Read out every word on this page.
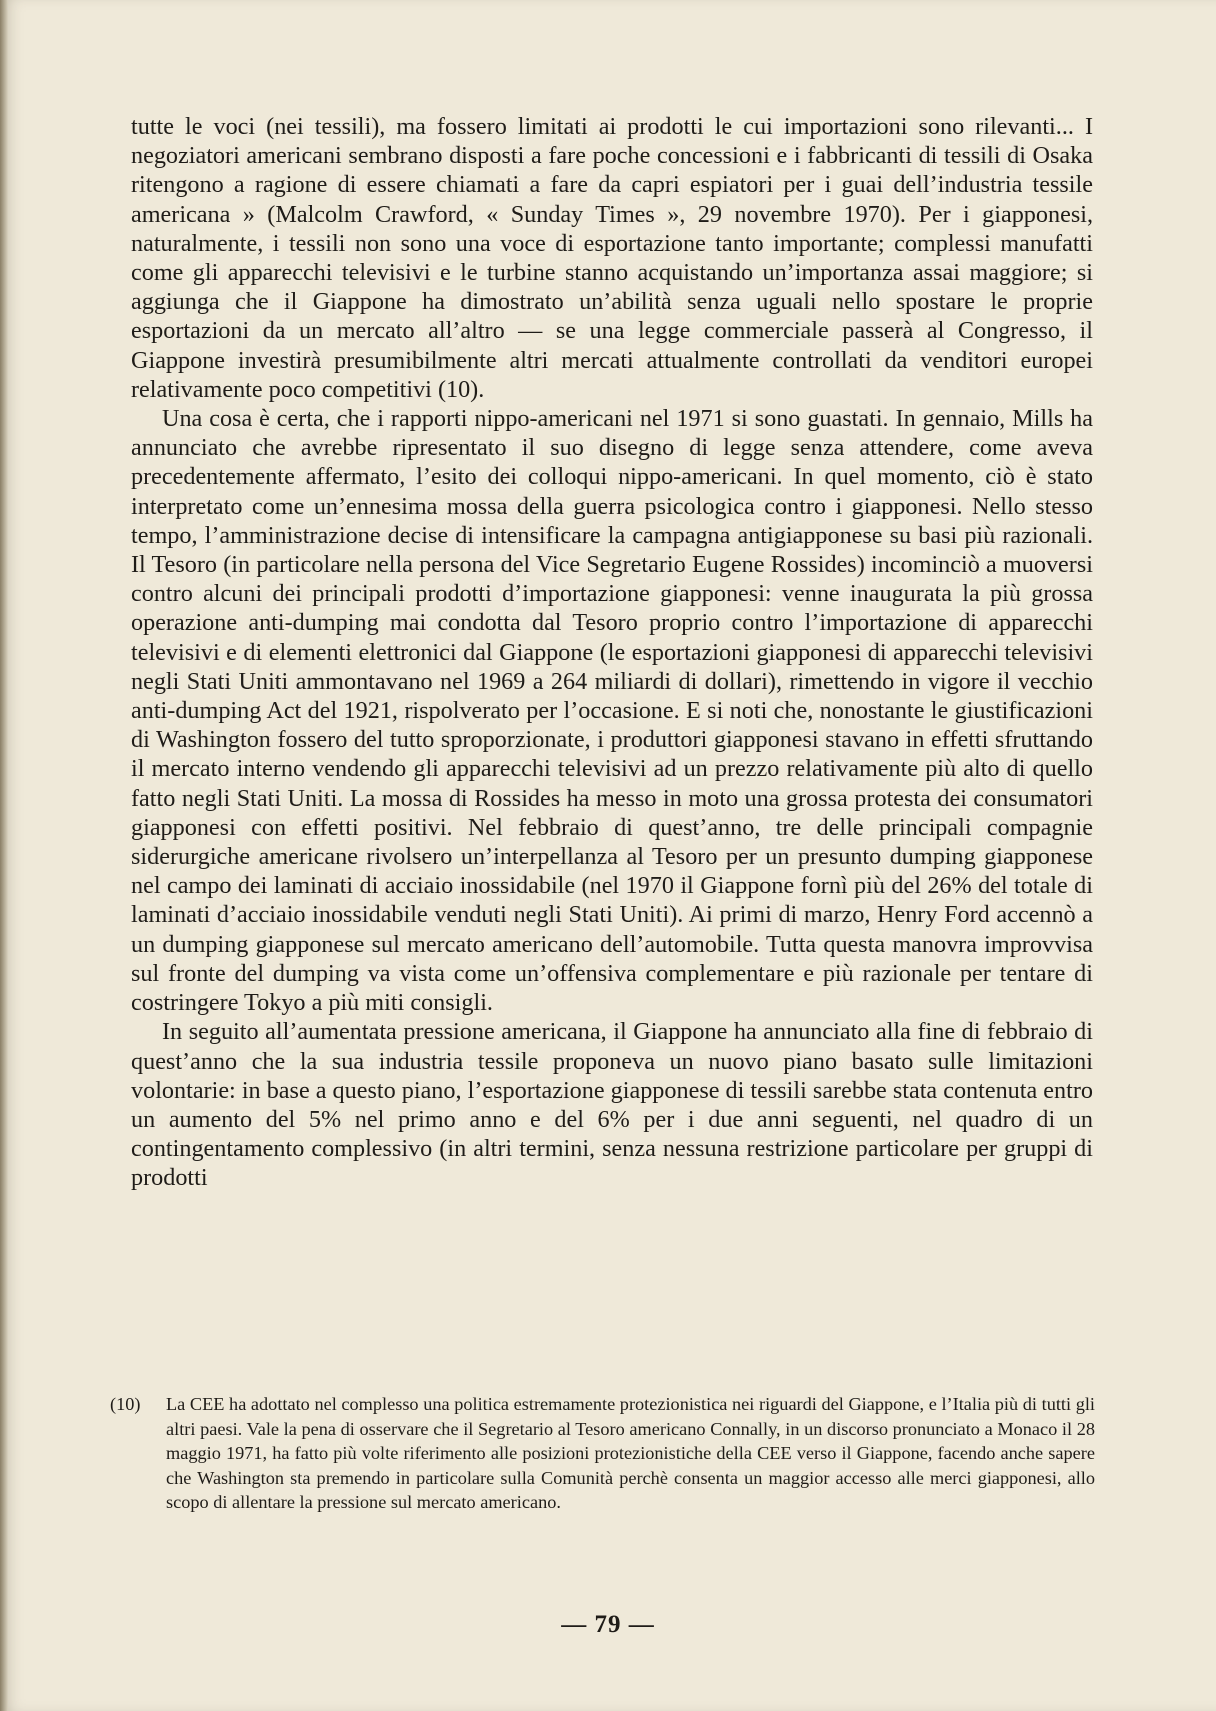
tutte le voci (nei tessili), ma fossero limitati ai prodotti le cui importazioni sono rilevanti... I negoziatori americani sembrano disposti a fare poche concessioni e i fabbricanti di tessili di Osaka ritengono a ragione di essere chiamati a fare da capri espiatori per i guai dell’industria tessile americana » (Malcolm Crawford, « Sunday Times », 29 novembre 1970). Per i giapponesi, naturalmente, i tessili non sono una voce di esportazione tanto importante; complessi manufatti come gli apparecchi televisivi e le turbine stanno acquistando un’importanza assai maggiore; si aggiunga che il Giappone ha dimostrato un’abilità senza uguali nello spostare le proprie esportazioni da un mercato all’altro — se una legge commerciale passerà al Congresso, il Giappone investirà presumibilmente altri mercati attualmente controllati da venditori europei relativamente poco competitivi (10).

Una cosa è certa, che i rapporti nippo-americani nel 1971 si sono guastati. In gennaio, Mills ha annunciato che avrebbe ripresentato il suo disegno di legge senza attendere, come aveva precedentemente affermato, l’esito dei colloqui nippo-americani. In quel momento, ciò è stato interpretato come un’ennesima mossa della guerra psicologica contro i giapponesi. Nello stesso tempo, l’amministrazione decise di intensificare la campagna antigiapponese su basi più razionali. Il Tesoro (in particolare nella persona del Vice Segretario Eugene Rossides) incominciò a muoversi contro alcuni dei principali prodotti d’importazione giapponesi: venne inaugurata la più grossa operazione anti-dumping mai condotta dal Tesoro proprio contro l’importazione di apparecchi televisivi e di elementi elettronici dal Giappone (le esportazioni giapponesi di apparecchi televisivi negli Stati Uniti ammontavano nel 1969 a 264 miliardi di dollari), rimettendo in vigore il vecchio anti-dumping Act del 1921, rispolverato per l’occasione. E si noti che, nonostante le giustificazioni di Washington fossero del tutto sproporzionate, i produttori giapponesi stavano in effetti sfruttando il mercato interno vendendo gli apparecchi televisivi ad un prezzo relativamente più alto di quello fatto negli Stati Uniti. La mossa di Rossides ha messo in moto una grossa protesta dei consumatori giapponesi con effetti positivi. Nel febbraio di quest’anno, tre delle principali compagnie siderurgiche americane rivolsero un’interpellanza al Tesoro per un presunto dumping giapponese nel campo dei laminati di acciaio inossidabile (nel 1970 il Giappone fornì più del 26% del totale di laminati d’acciaio inossidabile venduti negli Stati Uniti). Ai primi di marzo, Henry Ford accennò a un dumping giapponese sul mercato americano dell’automobile. Tutta questa manovra improvvisa sul fronte del dumping va vista come un’offensiva complementare e più razionale per tentare di costringere Tokyo a più miti consigli.

In seguito all’aumentata pressione americana, il Giappone ha annunciato alla fine di febbraio di quest’anno che la sua industria tessile proponeva un nuovo piano basato sulle limitazioni volontarie: in base a questo piano, l’esportazione giapponese di tessili sarebbe stata contenuta entro un aumento del 5% nel primo anno e del 6% per i due anni seguenti, nel quadro di un contingentamento complessivo (in altri termini, senza nessuna restrizione particolare per gruppi di prodotti

(10)	La CEE ha adottato nel complesso una politica estremamente protezionistica nei riguardi del Giappone, e l’Italia più di tutti gli altri paesi. Vale la pena di osservare che il Segretario al Tesoro americano Connally, in un discorso pronunciato a Monaco il 28 maggio 1971, ha fatto più volte riferimento alle posizioni protezionistiche della CEE verso il Giappone, facendo anche sapere che Washington sta premendo in particolare sulla Comunità perchè consenta un maggior accesso alle merci giapponesi, allo scopo di allentare la pressione sul mercato americano.
— 79 —
